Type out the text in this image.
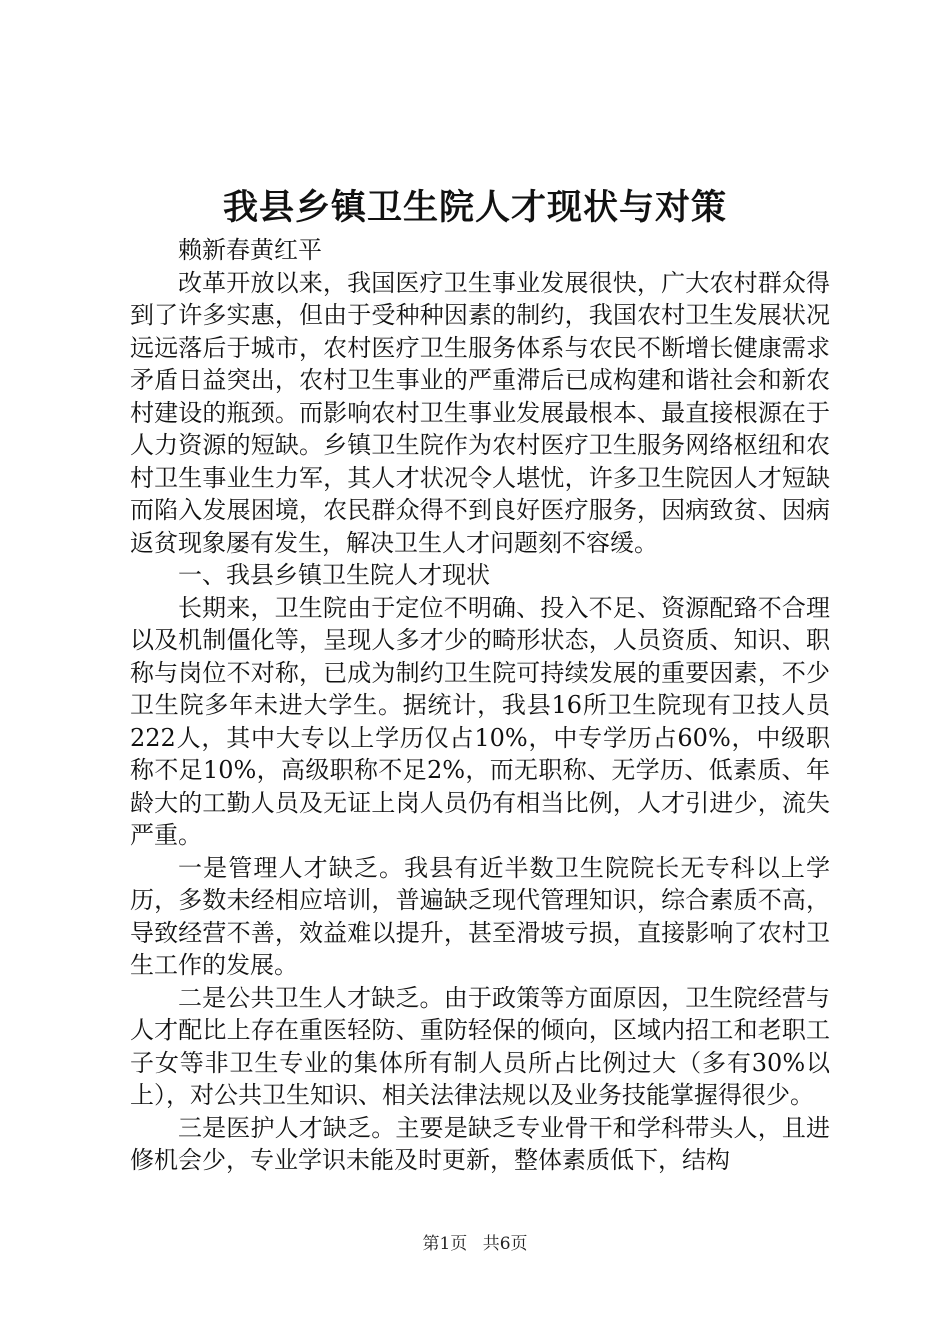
我县乡镇卫生院人才现状与对策

赖新春黄红平

改革开放以来，我国医疗卫生事业发展很快，广大农村群众得到了许多实惠，但由于受种种因素的制约，我国农村卫生发展状况远远落后于城市，农村医疗卫生服务体系与农民不断增长健康需求矛盾日益突出，农村卫生事业的严重滞后已成构建和谐社会和新农村建设的瓶颈。而影响农村卫生事业发展最根本、最直接根源在于人力资源的短缺。乡镇卫生院作为农村医疗卫生服务网络枢纽和农村卫生事业生力军，其人才状况令人堪忧，许多卫生院因人才短缺而陷入发展困境，农民群众得不到良好医疗服务，因病致贫、因病返贫现象屡有发生，解决卫生人才问题刻不容缓。

一、我县乡镇卫生院人才现状

长期来，卫生院由于定位不明确、投入不足、资源配臵不合理以及机制僵化等，呈现人多才少的畸形状态，人员资质、知识、职称与岗位不对称，已成为制约卫生院可持续发展的重要因素，不少卫生院多年未进大学生。据统计，我县16所卫生院现有卫技人员222人，其中大专以上学历仅占10%，中专学历占60%，中级职称不足10%，高级职称不足2%，而无职称、无学历、低素质、年龄大的工勤人员及无证上岗人员仍有相当比例，人才引进少，流失严重。

一是管理人才缺乏。我县有近半数卫生院院长无专科以上学历，多数未经相应培训，普遍缺乏现代管理知识，综合素质不高，导致经营不善，效益难以提升，甚至滑坡亏损，直接影响了农村卫生工作的发展。

二是公共卫生人才缺乏。由于政策等方面原因，卫生院经营与人才配比上存在重医轻防、重防轻保的倾向，区域内招工和老职工子女等非卫生专业的集体所有制人员所占比例过大（多有30%以上），对公共卫生知识、相关法律法规以及业务技能掌握得很少。

三是医护人才缺乏。主要是缺乏专业骨干和学科带头人，且进修机会少，专业学识未能及时更新，整体素质低下，结构

第1页 共6页
